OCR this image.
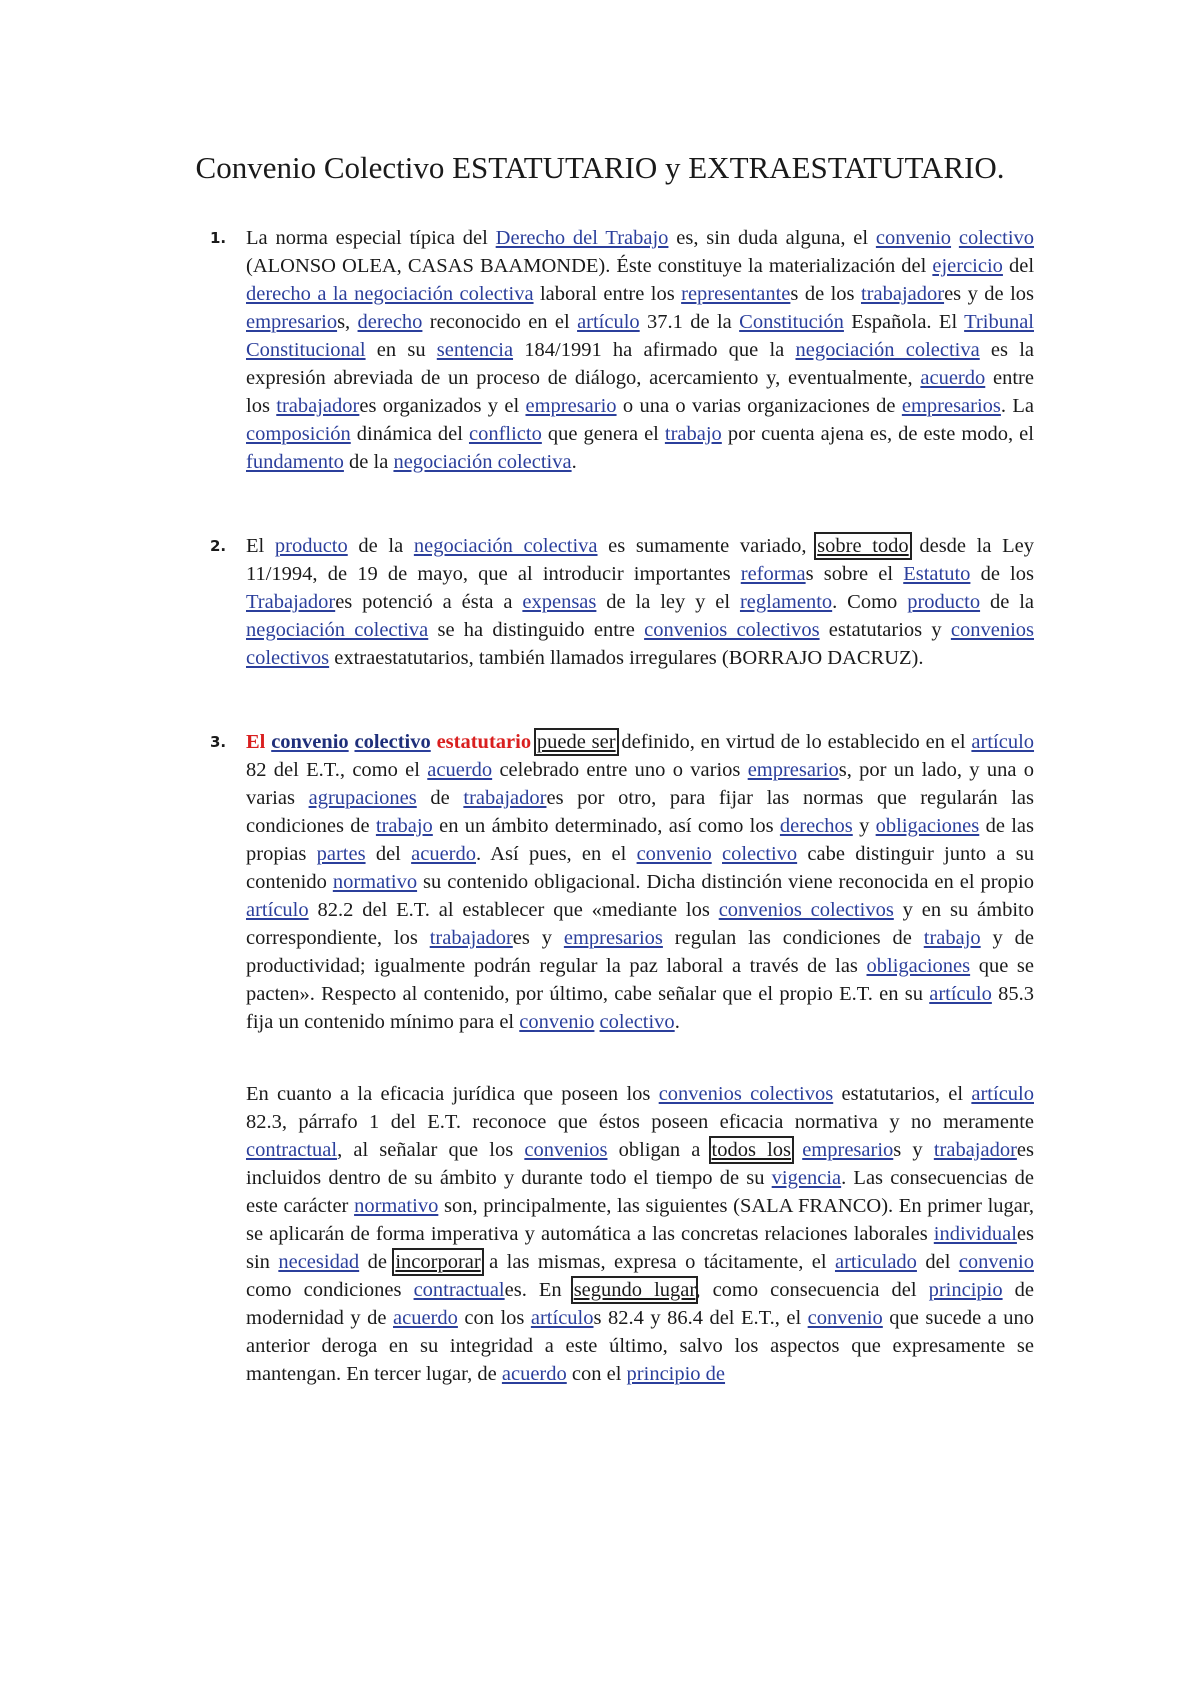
Convenio Colectivo ESTATUTARIO y EXTRAESTATUTARIO.
1. La norma especial típica del Derecho del Trabajo es, sin duda alguna, el convenio colectivo (ALONSO OLEA, CASAS BAAMONDE). Éste constituye la materialización del ejercicio del derecho a la negociación colectiva laboral entre los representantes de los trabajadores y de los empresarios, derecho reconocido en el artículo 37.1 de la Constitución Española. El Tribunal Constitucional en su sentencia 184/1991 ha afirmado que la negociación colectiva es la expresión abreviada de un proceso de diálogo, acercamiento y, eventualmente, acuerdo entre los trabajadores organizados y el empresario o una o varias organizaciones de empresarios. La composición dinámica del conflicto que genera el trabajo por cuenta ajena es, de este modo, el fundamento de la negociación colectiva.
2. El producto de la negociación colectiva es sumamente variado, sobre todo desde la Ley 11/1994, de 19 de mayo, que al introducir importantes reformas sobre el Estatuto de los Trabajadores potenció a ésta a expensas de la ley y el reglamento. Como producto de la negociación colectiva se ha distinguido entre convenios colectivos estatutarios y convenios colectivos extraestatutarios, también llamados irregulares (BORRAJO DACRUZ).
3. El convenio colectivo estatutario puede ser definido, en virtud de lo establecido en el artículo 82 del E.T., como el acuerdo celebrado entre uno o varios empresarios, por un lado, y una o varias agrupaciones de trabajadores por otro, para fijar las normas que regularán las condiciones de trabajo en un ámbito determinado, así como los derechos y obligaciones de las propias partes del acuerdo. Así pues, en el convenio colectivo cabe distinguir junto a su contenido normativo su contenido obligacional. Dicha distinción viene reconocida en el propio artículo 82.2 del E.T. al establecer que «mediante los convenios colectivos y en su ámbito correspondiente, los trabajadores y empresarios regulan las condiciones de trabajo y de productividad; igualmente podrán regular la paz laboral a través de las obligaciones que se pacten». Respecto al contenido, por último, cabe señalar que el propio E.T. en su artículo 85.3 fija un contenido mínimo para el convenio colectivo.
En cuanto a la eficacia jurídica que poseen los convenios colectivos estatutarios, el artículo 82.3, párrafo 1 del E.T. reconoce que éstos poseen eficacia normativa y no meramente contractual, al señalar que los convenios obligan a todos los empresarios y trabajadores incluidos dentro de su ámbito y durante todo el tiempo de su vigencia. Las consecuencias de este carácter normativo son, principalmente, las siguientes (SALA FRANCO). En primer lugar, se aplicarán de forma imperativa y automática a las concretas relaciones laborales individuales sin necesidad de incorporar a las mismas, expresa o tácitamente, el articulado del convenio como condiciones contractuales. En segundo lugar, como consecuencia del principio de modernidad y de acuerdo con los artículos 82.4 y 86.4 del E.T., el convenio que sucede a uno anterior deroga en su integridad a este último, salvo los aspectos que expresamente se mantengan. En tercer lugar, de acuerdo con el principio de
